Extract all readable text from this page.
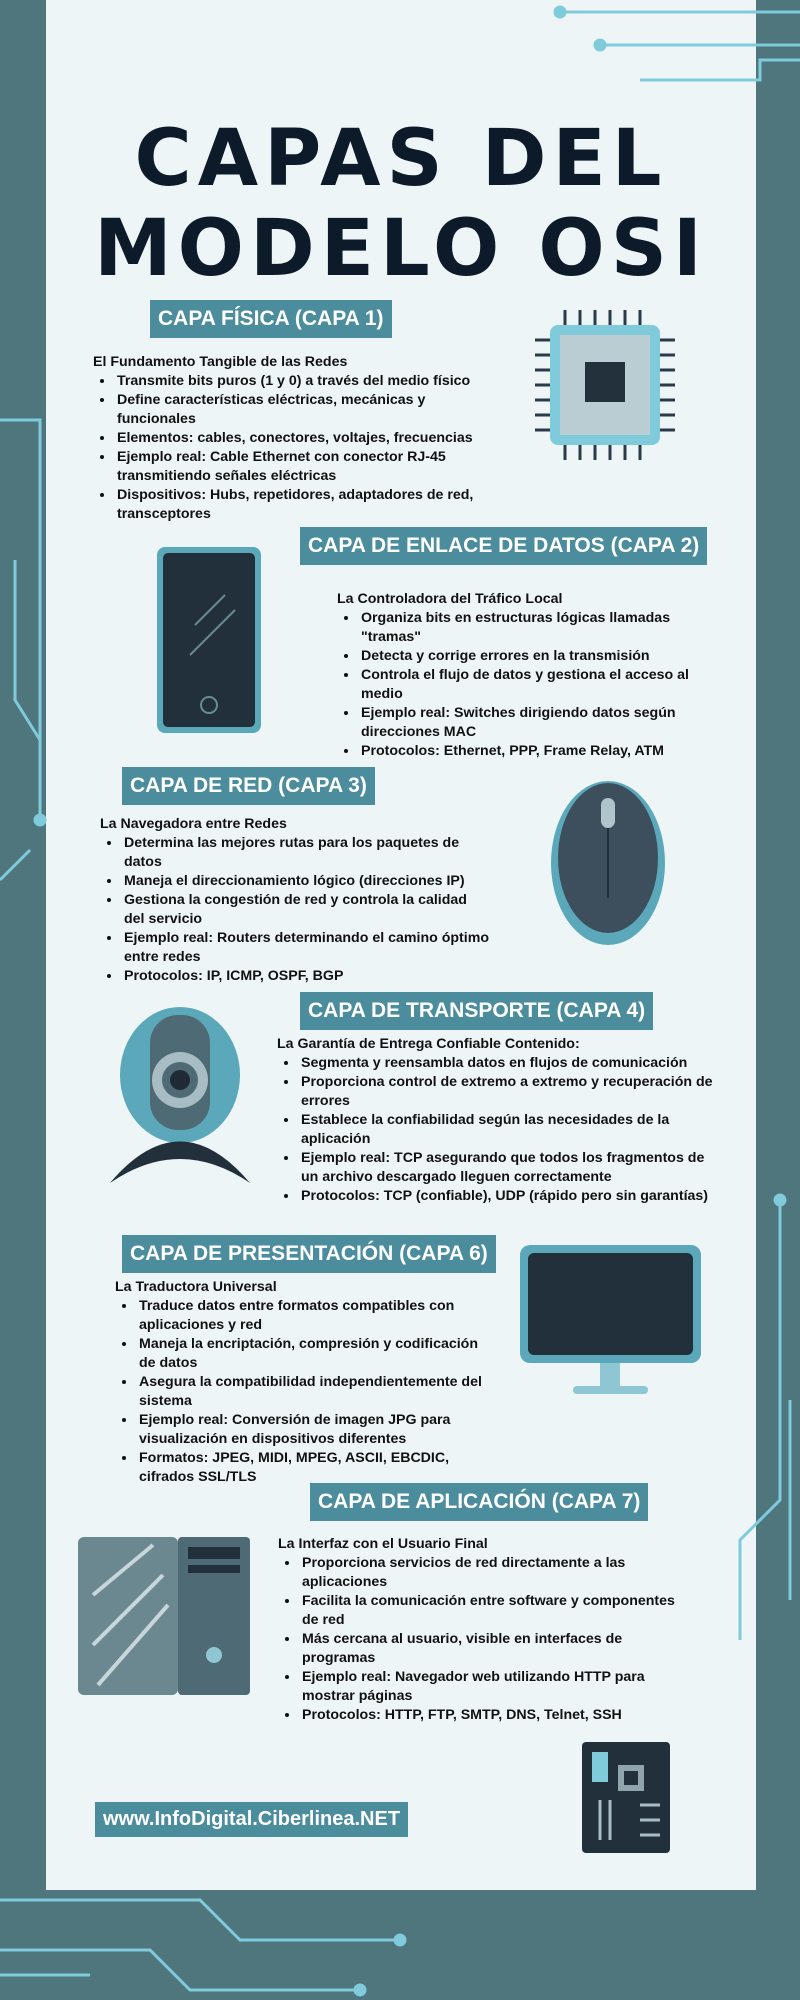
CAPAS DEL
MODELO OSI
CAPA FÍSICA (CAPA 1)
El Fundamento Tangible de las Redes
• Transmite bits puros (1 y 0) a través del medio físico
• Define características eléctricas, mecánicas y funcionales
• Elementos: cables, conectores, voltajes, frecuencias
• Ejemplo real: Cable Ethernet con conector RJ-45 transmitiendo señales eléctricas
• Dispositivos: Hubs, repetidores, adaptadores de red, transceptores
CAPA DE ENLACE DE DATOS (CAPA 2)
La Controladora del Tráfico Local
• Organiza bits en estructuras lógicas llamadas "tramas"
• Detecta y corrige errores en la transmisión
• Controla el flujo de datos y gestiona el acceso al medio
• Ejemplo real: Switches dirigiendo datos según direcciones MAC
• Protocolos: Ethernet, PPP, Frame Relay, ATM
CAPA DE RED (CAPA 3)
La Navegadora entre Redes
• Determina las mejores rutas para los paquetes de datos
• Maneja el direccionamiento lógico (direcciones IP)
• Gestiona la congestión de red y controla la calidad del servicio
• Ejemplo real: Routers determinando el camino óptimo entre redes
• Protocolos: IP, ICMP, OSPF, BGP
CAPA DE TRANSPORTE (CAPA 4)
La Garantía de Entrega Confiable Contenido:
• Segmenta y reensambla datos en flujos de comunicación
• Proporciona control de extremo a extremo y recuperación de errores
• Establece la confiabilidad según las necesidades de la aplicación
• Ejemplo real: TCP asegurando que todos los fragmentos de un archivo descargado lleguen correctamente
• Protocolos: TCP (confiable), UDP (rápido pero sin garantías)
CAPA DE PRESENTACIÓN (CAPA 6)
La Traductora Universal
• Traduce datos entre formatos compatibles con aplicaciones y red
• Maneja la encriptación, compresión y codificación de datos
• Asegura la compatibilidad independientemente del sistema
• Ejemplo real: Conversión de imagen JPG para visualización en dispositivos diferentes
• Formatos: JPEG, MIDI, MPEG, ASCII, EBCDIC, cifrados SSL/TLS
CAPA DE APLICACIÓN (CAPA 7)
La Interfaz con el Usuario Final
• Proporciona servicios de red directamente a las aplicaciones
• Facilita la comunicación entre software y componentes de red
• Más cercana al usuario, visible en interfaces de programas
• Ejemplo real: Navegador web utilizando HTTP para mostrar páginas
• Protocolos: HTTP, FTP, SMTP, DNS, Telnet, SSH
www.InfoDigital.Ciberlinea.NET
